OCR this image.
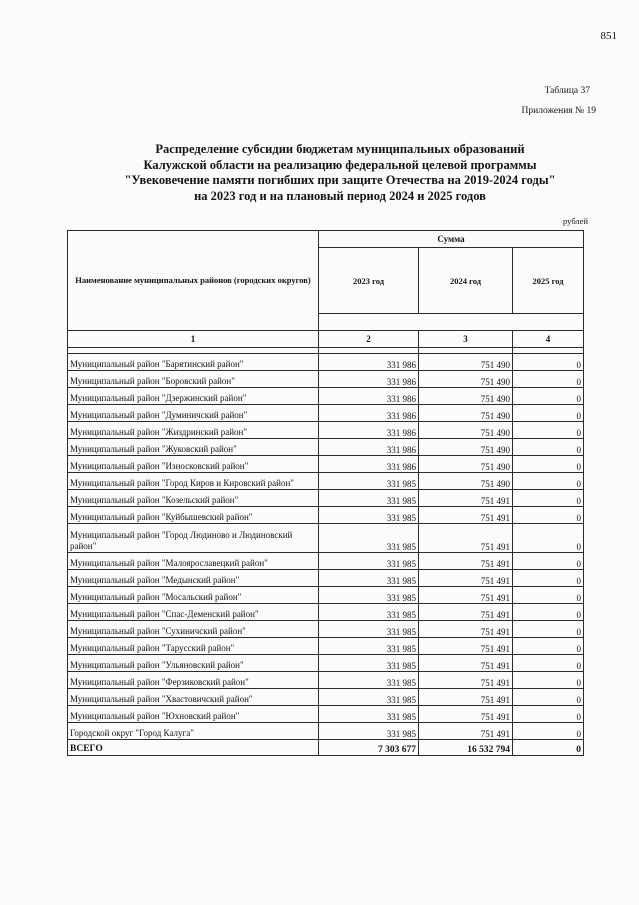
851
Таблица 37
Приложения № 19
Распределение субсидии бюджетам муниципальных образований
Калужской области на реализацию федеральной целевой программы
"Увековечение памяти погибших при защите Отечества на 2019-2024 годы"
на 2023 год и на плановый период 2024 и 2025 годов
рублей
Наименование муниципальных районов (городских округов)	Сумма		
	2023 год	2024 год	2025 год

1	2	3	4

Муниципальный район "Барятинский район"	331 986	751 490	0
Муниципальный район "Боровский район"	331 986	751 490	0
Муниципальный район "Дзержинский район"	331 986	751 490	0
Муниципальный район "Думиничский район"	331 986	751 490	0
Муниципальный район "Жиздринский район"	331 986	751 490	0
Муниципальный район "Жуковский район"	331 986	751 490	0
Муниципальный район "Износковский район"	331 986	751 490	0
Муниципальный район "Город Киров и Кировский район"	331 985	751 490	0
Муниципальный район "Козельский район"	331 985	751 491	0
Муниципальный район "Куйбышевский район"	331 985	751 491	0
Муниципальный район "Город Людиново и Людиновский район"	331 985	751 491	0
Муниципальный район "Малоярославецкий район"	331 985	751 491	0
Муниципальный район "Медынский район"	331 985	751 491	0
Муниципальный район "Мосальский район"	331 985	751 491	0
Муниципальный район "Спас-Деменский район"	331 985	751 491	0
Муниципальный район "Сухиничский район"	331 985	751 491	0
Муниципальный район "Тарусский район"	331 985	751 491	0
Муниципальный район "Ульяновский район"	331 985	751 491	0
Муниципальный район "Ферзиковский район"	331 985	751 491	0
Муниципальный район "Хвастовичский район"	331 985	751 491	0
Муниципальный район "Юхновский район"	331 985	751 491	0
Городской округ "Город Калуга"	331 985	751 491	0
ВСЕГО	7 303 677	16 532 794	0
